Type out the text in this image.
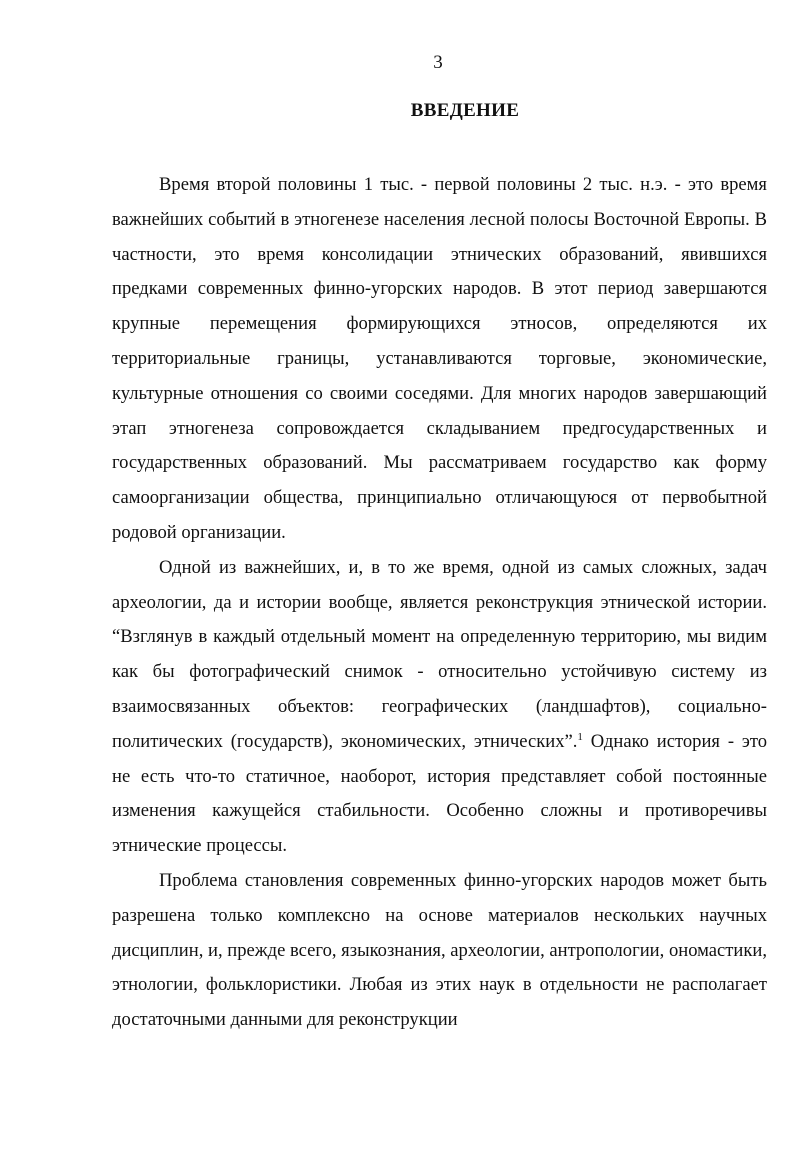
3
ВВЕДЕНИЕ

Время второй половины 1 тыс. - первой половины 2 тыс. н.э. - это время важнейших событий в этногенезе населения лесной полосы Восточной Европы. В частности, это время консолидации этнических образований, явившихся предками современных финно-угорских народов. В этот период завершаются крупные перемещения формирующихся этносов, определяются их территориальные границы, устанавливаются торговые, экономические, культурные отношения со своими соседями. Для многих народов завершающий этап этногенеза сопровождается складыванием предгосударственных и государственных образований. Мы рассматриваем государство как форму самоорганизации общества, принципиально отличающуюся от первобытной родовой организации.

Одной из важнейших, и, в то же время, одной из самых сложных, задач археологии, да и истории вообще, является реконструкция этнической истории. “Взглянув в каждый отдельный момент на определенную территорию, мы видим как бы фотографический снимок - относительно устойчивую систему из взаимосвязанных объектов: географических (ландшафтов), социально-политических (государств), экономических, этнических”.$^1$ Однако история - это не есть что-то статичное, наоборот, история представляет собой постоянные изменения кажущейся стабильности. Особенно сложны и противоречивы этнические процессы.

Проблема становления современных финно-угорских народов может быть разрешена только комплексно на основе материалов нескольких научных дисциплин, и, прежде всего, языкознания, археологии, антропологии, ономастики, этнологии, фольклористики. Любая из этих наук в отдельности не располагает достаточными данными для реконструкции
